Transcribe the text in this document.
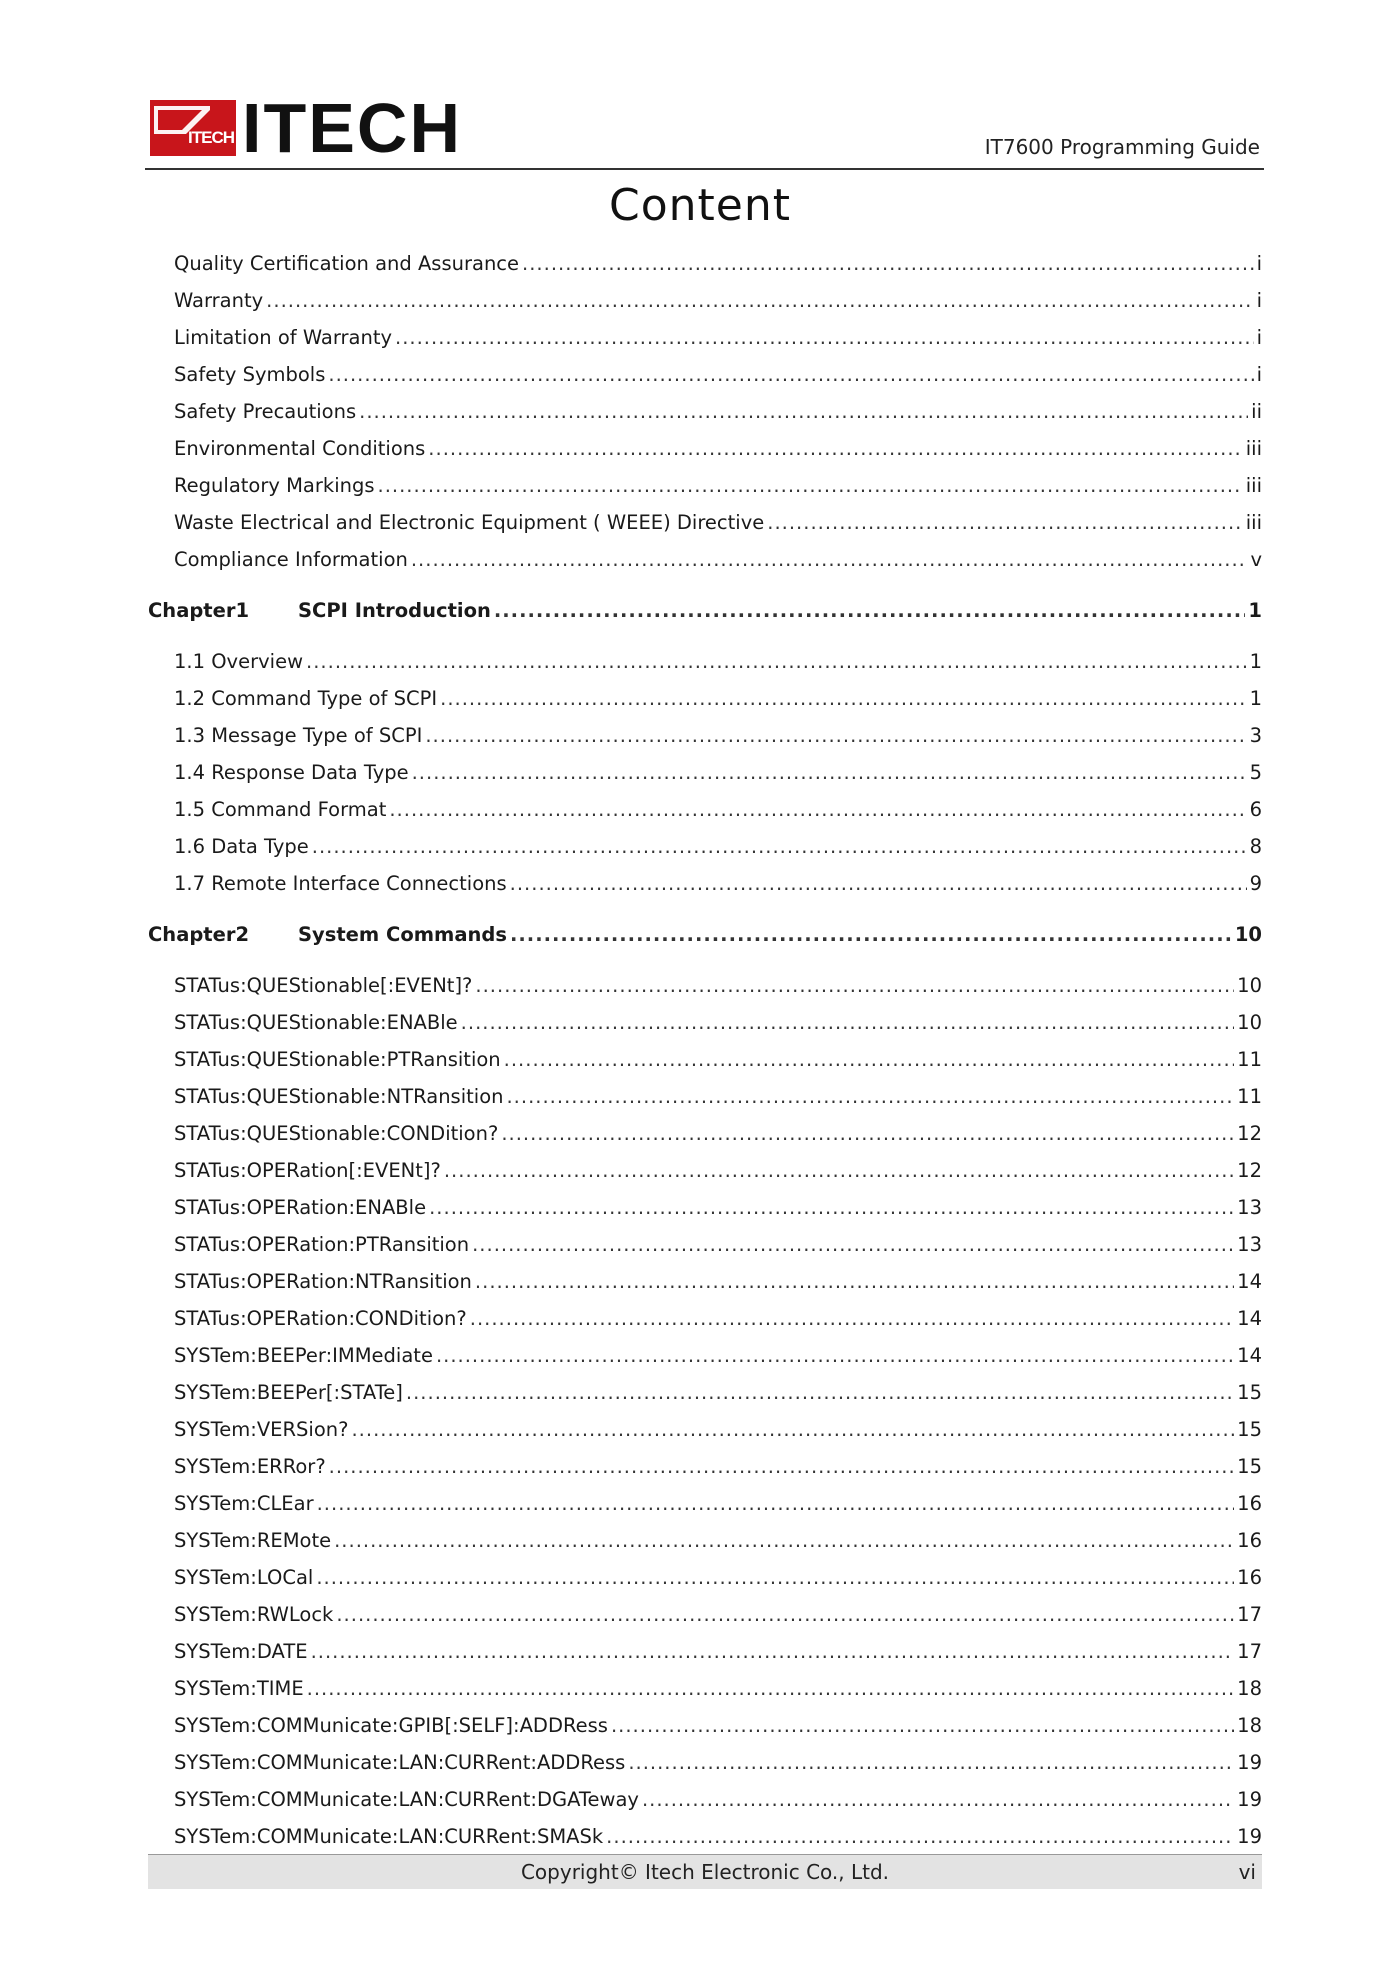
ITECH ITECH	IT7600 Programming Guide
Content
Quality Certification and Assurance .....	i
Warranty .....	i
Limitation of Warranty .....	i
Safety Symbols .....	i
Safety Precautions .....	ii
Environmental Conditions .....	iii
Regulatory Markings .....	iii
Waste Electrical and Electronic Equipment ( WEEE) Directive .....	iii
Compliance Information .....	v
Chapter1	SCPI Introduction .....	1
1.1 Overview .....	1
1.2 Command Type of SCPI .....	1
1.3 Message Type of SCPI .....	3
1.4 Response Data Type .....	5
1.5 Command Format .....	6
1.6 Data Type .....	8
1.7 Remote Interface Connections .....	9
Chapter2	System Commands .....	10
STATus:QUEStionable[:EVENt]? .....	10
STATus:QUEStionable:ENABle .....	10
STATus:QUEStionable:PTRansition .....	11
STATus:QUEStionable:NTRansition .....	11
STATus:QUEStionable:CONDition? .....	12
STATus:OPERation[:EVENt]? .....	12
STATus:OPERation:ENABle .....	13
STATus:OPERation:PTRansition .....	13
STATus:OPERation:NTRansition .....	14
STATus:OPERation:CONDition? .....	14
SYSTem:BEEPer:IMMediate .....	14
SYSTem:BEEPer[:STATe] .....	15
SYSTem:VERSion? .....	15
SYSTem:ERRor? .....	15
SYSTem:CLEar .....	16
SYSTem:REMote .....	16
SYSTem:LOCal .....	16
SYSTem:RWLock .....	17
SYSTem:DATE .....	17
SYSTem:TIME .....	18
SYSTem:COMMunicate:GPIB[:SELF]:ADDRess .....	18
SYSTem:COMMunicate:LAN:CURRent:ADDRess .....	19
SYSTem:COMMunicate:LAN:CURRent:DGATeway .....	19
SYSTem:COMMunicate:LAN:CURRent:SMASk .....	19
Copyright© Itech Electronic Co., Ltd.	vi
